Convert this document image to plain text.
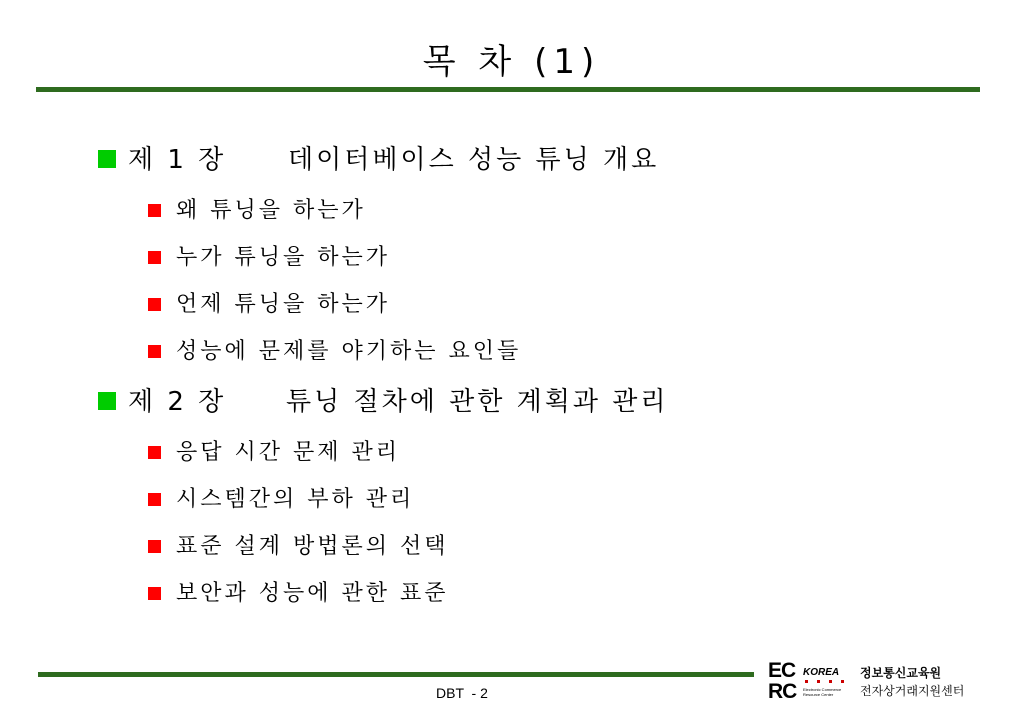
목 차 (1)
제 1 장 데이터베이스 성능 튜닝 개요
왜 튜닝을 하는가
누가 튜닝을 하는가
언제 튜닝을 하는가
성능에 문제를 야기하는 요인들
제 2 장 튜닝 절차에 관한 계획과 관리
응답 시간 문제 관리
시스템간의 부하 관리
표준 설계 방법론의 선택
보안과 성능에 관한 표준
DBT  - 2
EC
RC
KOREA
Electronic Commerce
Resource Center
정보통신교육원
전자상거래지원센터
